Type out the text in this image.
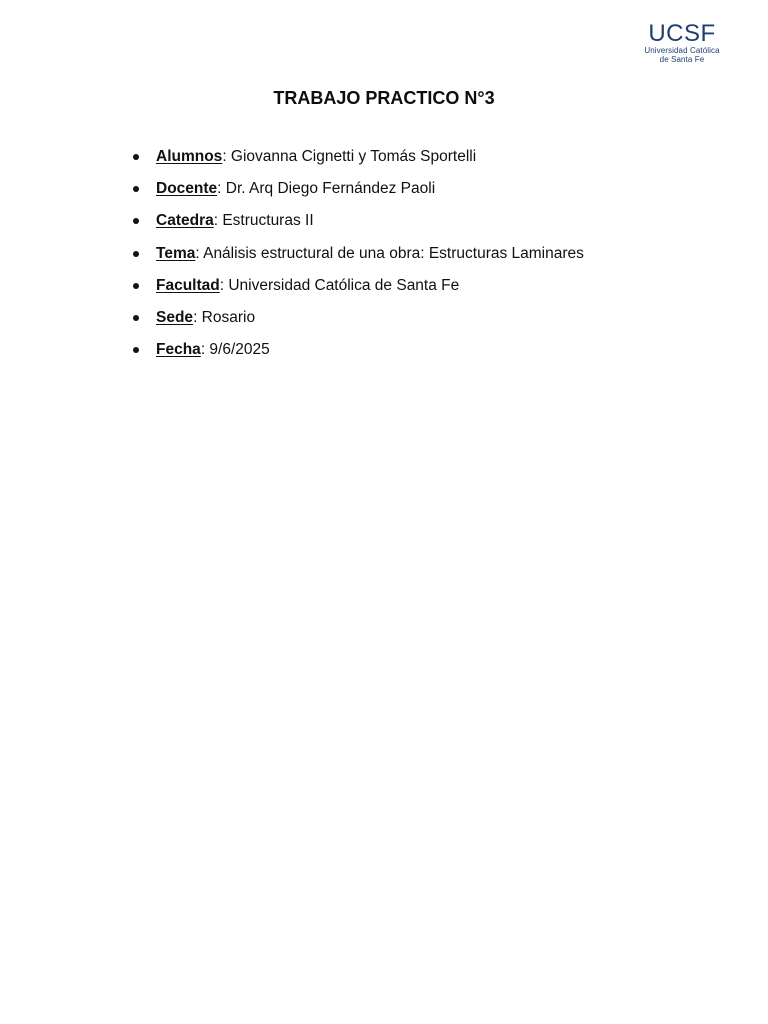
UCSF
Universidad Católica
de Santa Fe
TRABAJO PRACTICO N°3
Alumnos: Giovanna Cignetti y Tomás Sportelli
Docente: Dr. Arq Diego Fernández Paoli
Catedra: Estructuras II
Tema: Análisis estructural de una obra: Estructuras Laminares
Facultad: Universidad Católica de Santa Fe
Sede: Rosario
Fecha: 9/6/2025
